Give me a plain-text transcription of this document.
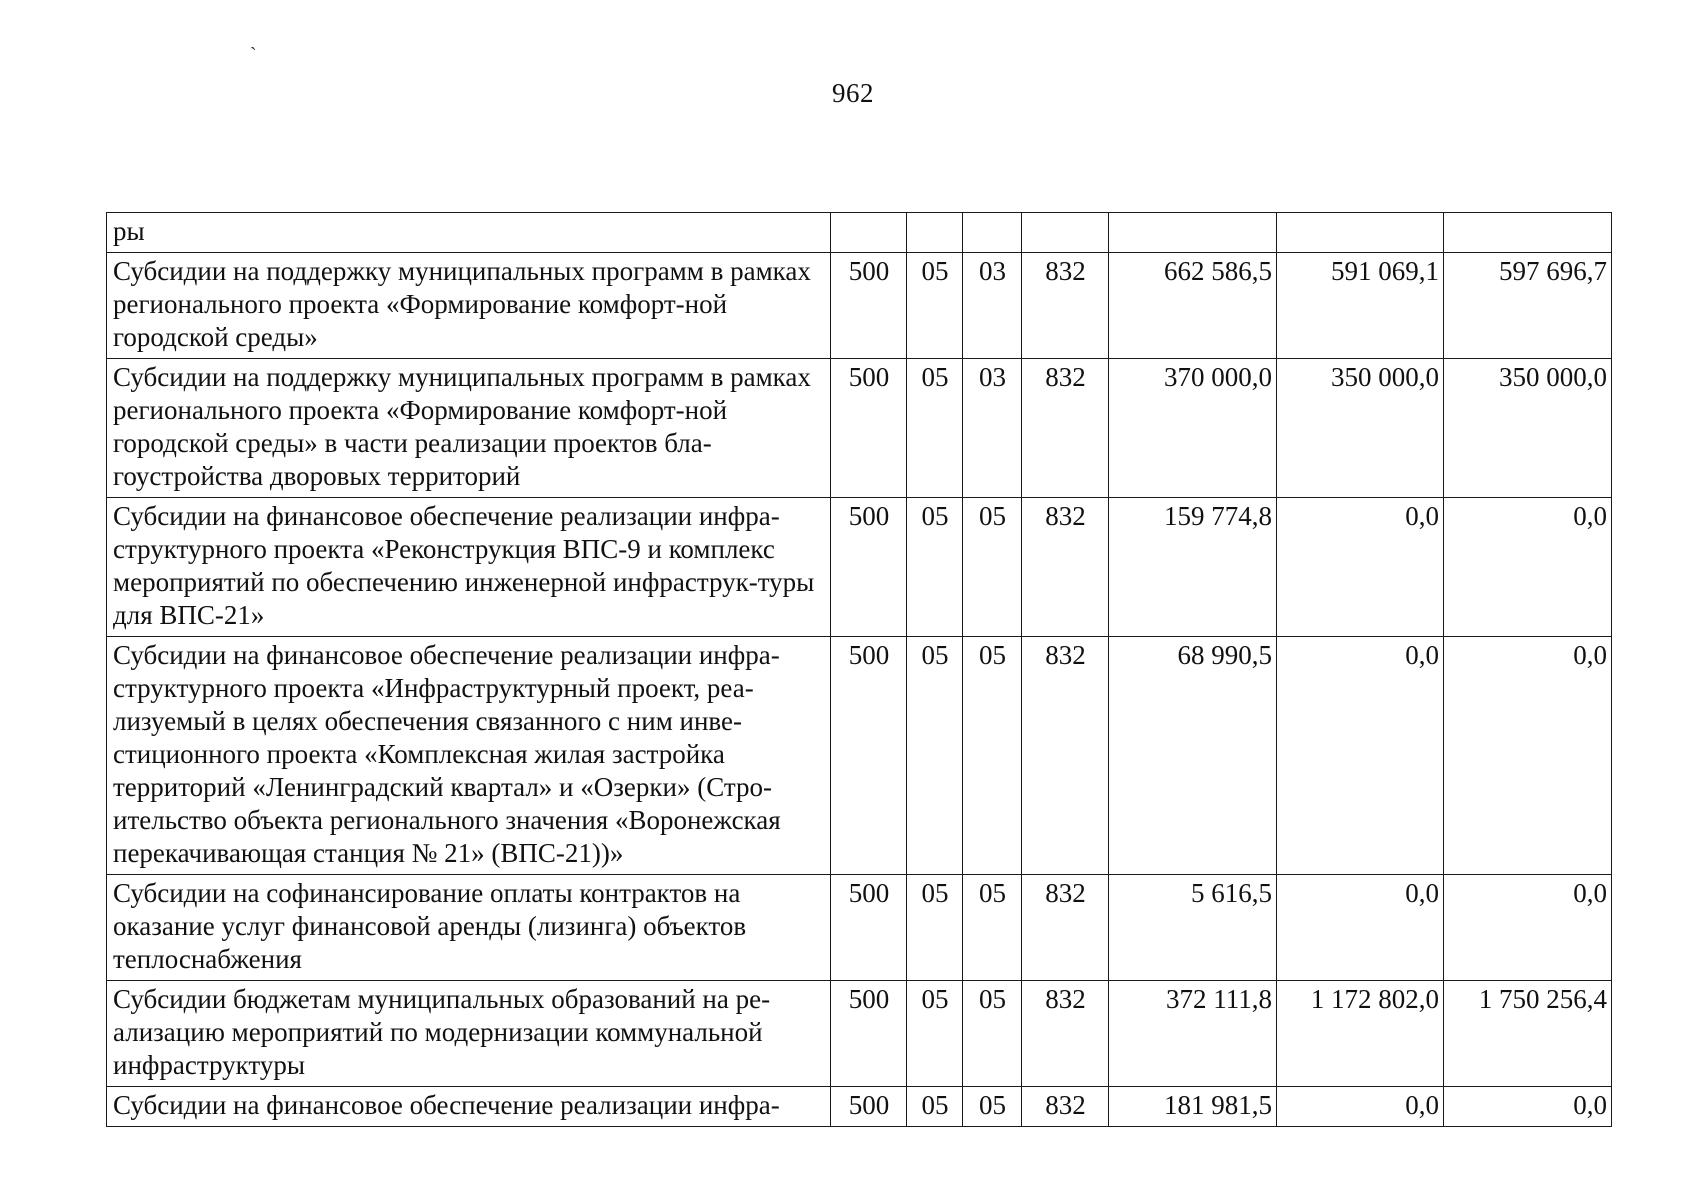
`
962
ры							
Субсидии на поддержку муниципальных программ в рамках регионального проекта «Формирование комфорт-ной городской среды»	500	05	03	832	662 586,5	591 069,1	597 696,7
Субсидии на поддержку муниципальных программ в рамках регионального проекта «Формирование комфорт-ной городской среды» в части реализации проектов бла-гоустройства дворовых территорий	500	05	03	832	370 000,0	350 000,0	350 000,0
Субсидии на финансовое обеспечение реализации инфра-структурного проекта «Реконструкция ВПС-9 и комплекс мероприятий по обеспечению инженерной инфраструк-туры для ВПС-21»	500	05	05	832	159 774,8	0,0	0,0
Субсидии на финансовое обеспечение реализации инфра-структурного проекта «Инфраструктурный проект, реа-лизуемый в целях обеспечения связанного с ним инве-стиционного проекта «Комплексная жилая застройка территорий «Ленинградский квартал» и «Озерки» (Стро-ительство объекта регионального значения «Воронежская перекачивающая станция № 21» (ВПС-21))»	500	05	05	832	68 990,5	0,0	0,0
Субсидии на софинансирование оплаты контрактов на оказание услуг финансовой аренды (лизинга) объектов теплоснабжения	500	05	05	832	5 616,5	0,0	0,0
Субсидии бюджетам муниципальных образований на ре-ализацию мероприятий по модернизации коммунальной инфраструктуры	500	05	05	832	372 111,8	1 172 802,0	1 750 256,4
Субсидии на финансовое обеспечение реализации инфра-	500	05	05	832	181 981,5	0,0	0,0
